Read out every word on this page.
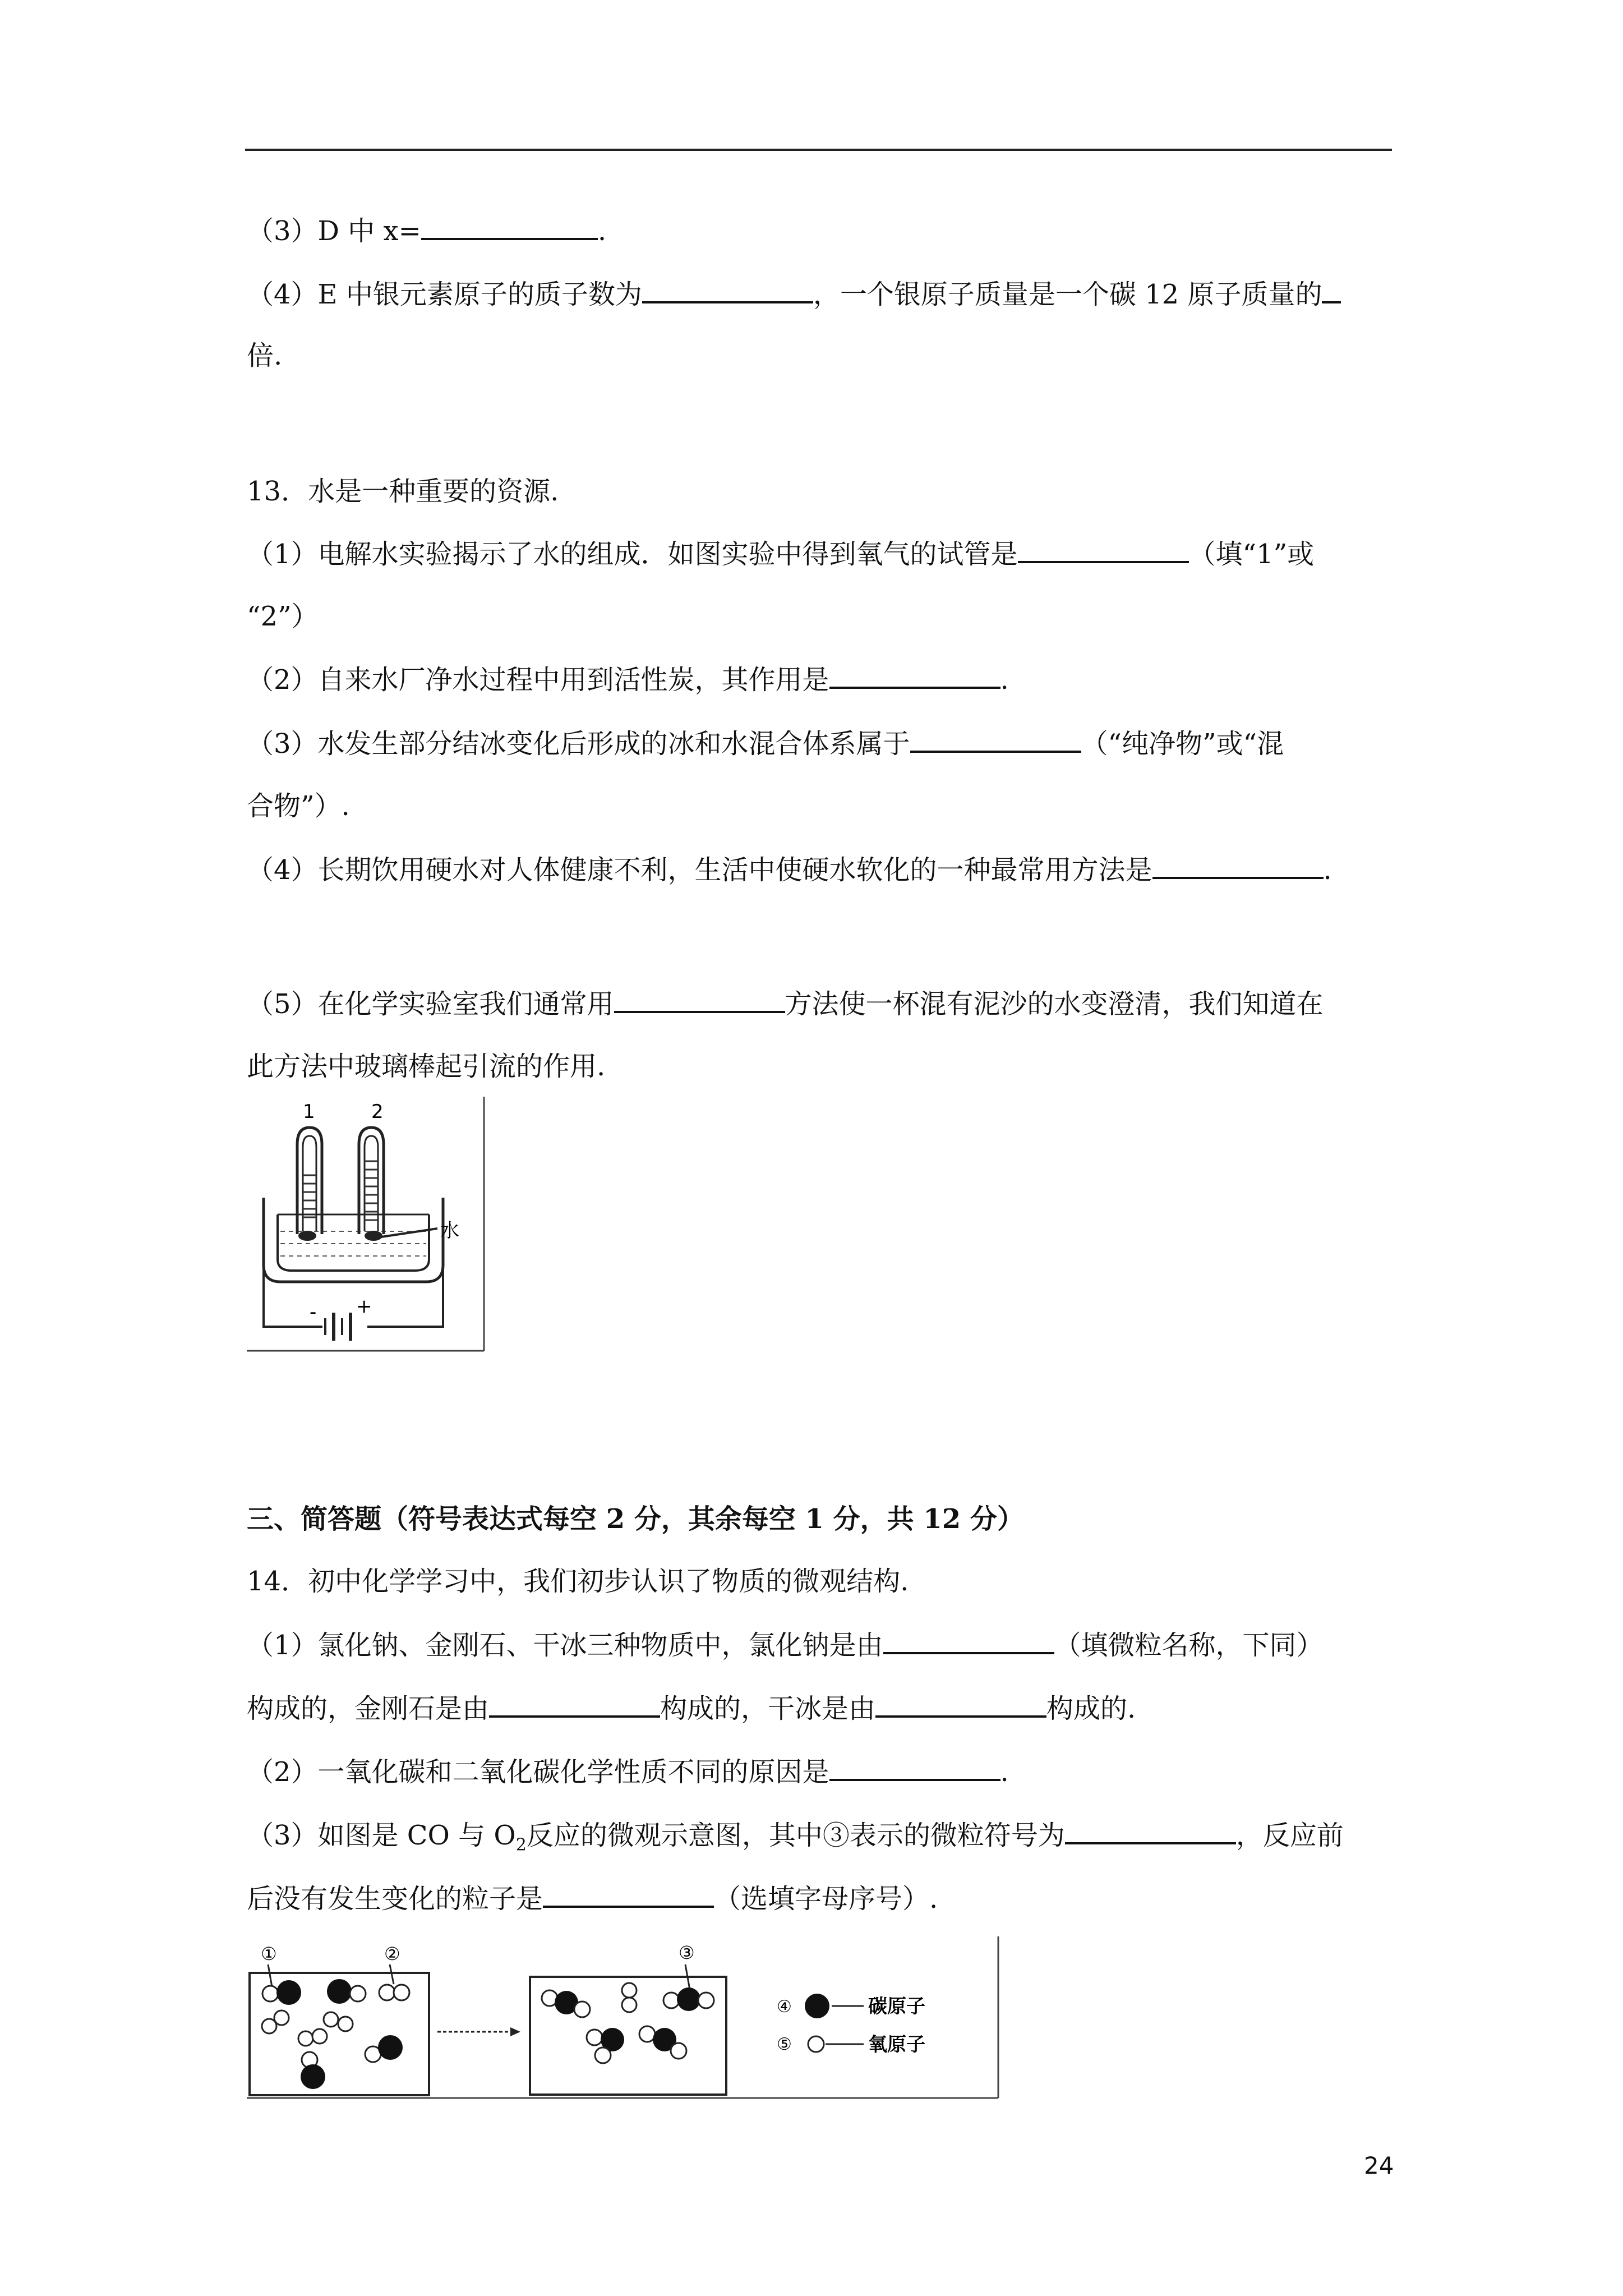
（3）D 中 x=	.
（4）E 中银元素原子的质子数为	，一个银原子质量是一个碳 12 原子质量的
倍.
13．水是一种重要的资源.
（1）电解水实验揭示了水的组成．如图实验中得到氧气的试管是	（填“1”或
“2”）
（2）自来水厂净水过程中用到活性炭，其作用是	.
（3）水发生部分结冰变化后形成的冰和水混合体系属于	（“纯净物”或“混
合物”）.
（4）长期饮用硬水对人体健康不利，生活中使硬水软化的一种最常用方法是	.
（5）在化学实验室我们通常用	方法使一杯混有泥沙的水变澄清，我们知道在
此方法中玻璃棒起引流的作用.
1	2
水
- +
三、简答题（符号表达式每空 2 分，其余每空 1 分，共 12 分）
14．初中化学学习中，我们初步认识了物质的微观结构.
（1）氯化钠、金刚石、干冰三种物质中，氯化钠是由	（填微粒名称，下同）
构成的，金刚石是由	构成的，干冰是由	构成的.
（2）一氧化碳和二氧化碳化学性质不同的原因是	.
（3）如图是 CO 与 $O_2$反应的微观示意图，其中③表示的微粒符号为	，反应前
后没有发生变化的粒子是	（选填字母序号）.
①	②	③
④	碳原子
⑤	氧原子
24
